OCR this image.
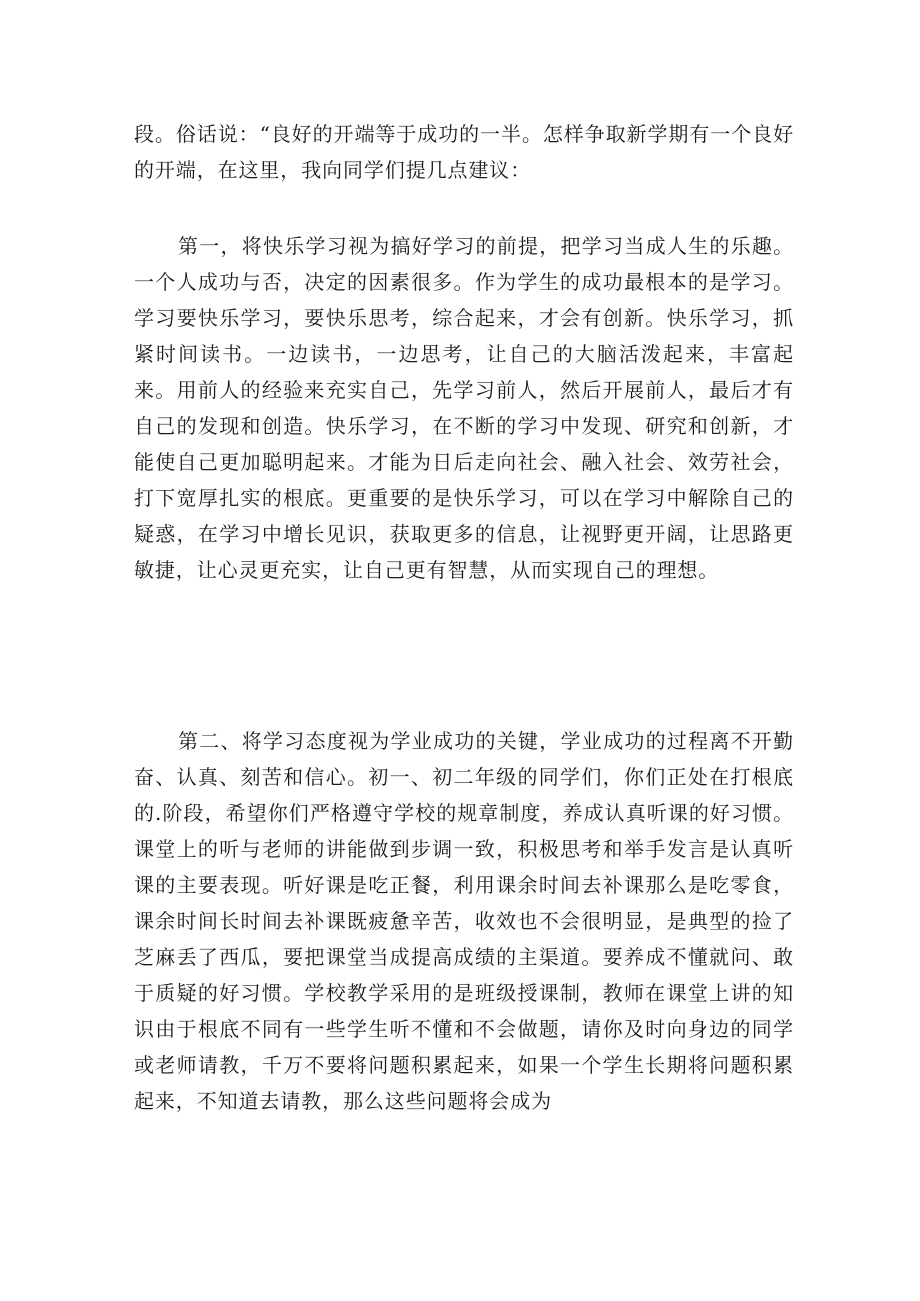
段。俗话说：“良好的开端等于成功的一半。怎样争取新学期有一个良好的开端，在这里，我向同学们提几点建议：

第一，将快乐学习视为搞好学习的前提，把学习当成人生的乐趣。一个人成功与否，决定的因素很多。作为学生的成功最根本的是学习。学习要快乐学习，要快乐思考，综合起来，才会有创新。快乐学习，抓紧时间读书。一边读书，一边思考，让自己的大脑活泼起来，丰富起来。用前人的经验来充实自己，先学习前人，然后开展前人，最后才有自己的发现和创造。快乐学习，在不断的学习中发现、研究和创新，才能使自己更加聪明起来。才能为日后走向社会、融入社会、效劳社会，打下宽厚扎实的根底。更重要的是快乐学习，可以在学习中解除自己的疑惑，在学习中增长见识，获取更多的信息，让视野更开阔，让思路更敏捷，让心灵更充实，让自己更有智慧，从而实现自己的理想。

第二、将学习态度视为学业成功的关键，学业成功的过程离不开勤奋、认真、刻苦和信心。初一、初二年级的同学们，你们正处在打根底的.阶段，希望你们严格遵守学校的规章制度，养成认真听课的好习惯。课堂上的听与老师的讲能做到步调一致，积极思考和举手发言是认真听课的主要表现。听好课是吃正餐，利用课余时间去补课那么是吃零食，课余时间长时间去补课既疲惫辛苦，收效也不会很明显，是典型的捡了芝麻丢了西瓜，要把课堂当成提高成绩的主渠道。要养成不懂就问、敢于质疑的好习惯。学校教学采用的是班级授课制，教师在课堂上讲的知识由于根底不同有一些学生听不懂和不会做题，请你及时向身边的同学或老师请教，千万不要将问题积累起来，如果一个学生长期将问题积累起来，不知道去请教，那么这些问题将会成为
